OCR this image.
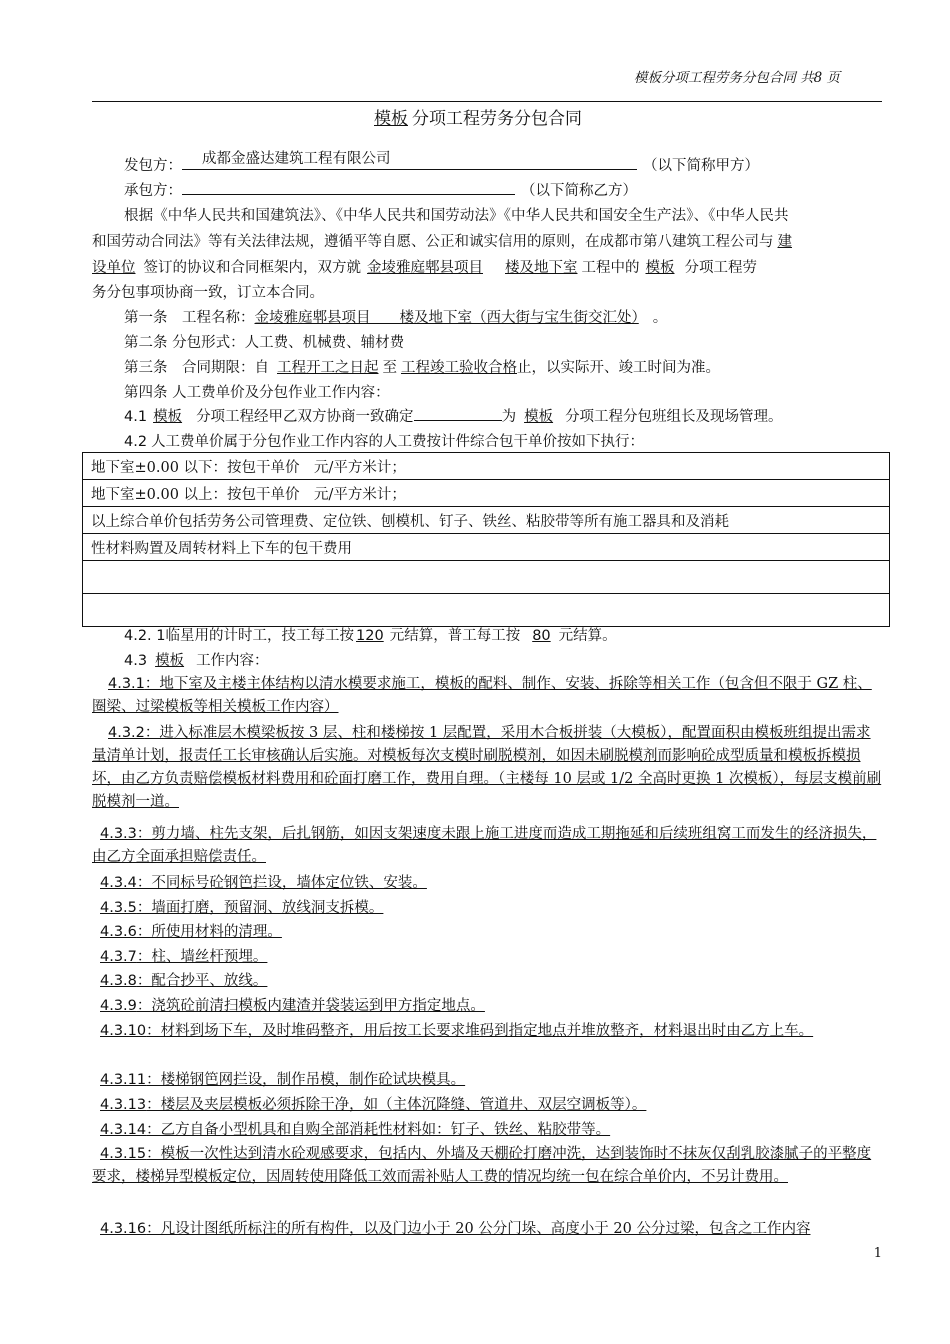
模板分项工程劳务分包合同 共8 页
模板 分项工程劳务分包合同
发包方： 成都金盛达建筑工程有限公司	（以下简称甲方）
承包方：	（以下简称乙方）
根据《中华人民共和国建筑法》、《中华人民共和国劳动法》《中华人民共和国安全生产法》、《中华人民共
和国劳动合同法》等有关法律法规，遵循平等自愿、公正和诚实信用的原则，在成都市第八建筑工程公司与 建
设单位 签订的协议和合同框架内，双方就 金堎雅庭郫县项目 楼及地下室 工程中的 模板 分项工程劳
务分包事项协商一致，订立本合同。
第一条　工程名称：金堎雅庭郫县项目　　楼及地下室（西大街与宝生街交汇处） 。
第二条 分包形式：人工费、机械费、辅材费
第三条　合同期限：自 工程开工之日起 至 工程竣工验收合格止，以实际开、竣工时间为准。
第四条 人工费单价及分包作业工作内容：
4.1 模板 分项工程经甲乙双方协商一致确定	为 模板 分项工程分包班组长及现场管理。
4.2 人工费单价属于分包作业工作内容的人工费按计件综合包干单价按如下执行：
地下室±0.00 以下：按包干单价　元/平方米计；
地下室±0.00 以上：按包干单价　元/平方米计；
以上综合单价包括劳务公司管理费、定位铁、刨模机、钉子、铁丝、粘胶带等所有施工器具和及消耗
性材料购置及周转材料上下车的包干费用

4.2. 1临星用的计时工，技工每工按 120 元结算，普工每工按 80 元结算。
4.3 模板 工作内容：
4.3.1：地下室及主楼主体结构以清水模要求施工，模板的配料、制作、安装、拆除等相关工作（包含但不限于 GZ 柱、圈梁、过梁模板等相关模板工作内容）
4.3.2：进入标准层木模梁板按 3 层、柱和楼梯按 1 层配置，采用木合板拼装（大模板），配置面积由模板班组提出需求量清单计划，报责任工长审核确认后实施。对模板每次支模时刷脱模剂，如因未刷脱模剂而影响砼成型质量和模板拆模损坏，由乙方负责赔偿模板材料费用和砼面打磨工作，费用自理。（主楼每 10 层或 1/2 全高时更换 1 次模板），每层支模前刷脱模剂一道。
4.3.3：剪力墙、柱先支架，后扎钢筋，如因支架速度未跟上施工进度而造成工期拖延和后续班组窝工而发生的经济损失，由乙方全面承担赔偿责任。
4.3.4：不同标号砼钢笆拦设，墙体定位铁、安装。
4.3.5：墙面打磨，预留洞、放线洞支拆模。
4.3.6：所使用材料的清理。
4.3.7：柱、墙丝杆预埋。
4.3.8：配合抄平、放线。
4.3.9：浇筑砼前清扫模板内建渣并袋装运到甲方指定地点。
4.3.10：材料到场下车，及时堆码整齐，用后按工长要求堆码到指定地点并堆放整齐，材料退出时由乙方上车。
4.3.11：楼梯钢笆网拦设，制作吊模，制作砼试块模具。
4.3.13：楼层及夹层模板必须拆除干净，如（主体沉降缝、管道井、双层空调板等）。
4.3.14：乙方自备小型机具和自购全部消耗性材料如：钉子、铁丝、粘胶带等。
4.3.15：模板一次性达到清水砼观感要求，包括内、外墙及天棚砼打磨冲洗，达到装饰时不抹灰仅刮乳胶漆腻子的平整度要求，楼梯异型模板定位，因周转使用降低工效而需补贴人工费的情况均统一包在综合单价内，不另计费用。
4.3.16：凡设计图纸所标注的所有构件，以及门边小于 20 公分门垛、高度小于 20 公分过梁，包含之工作内容
1
